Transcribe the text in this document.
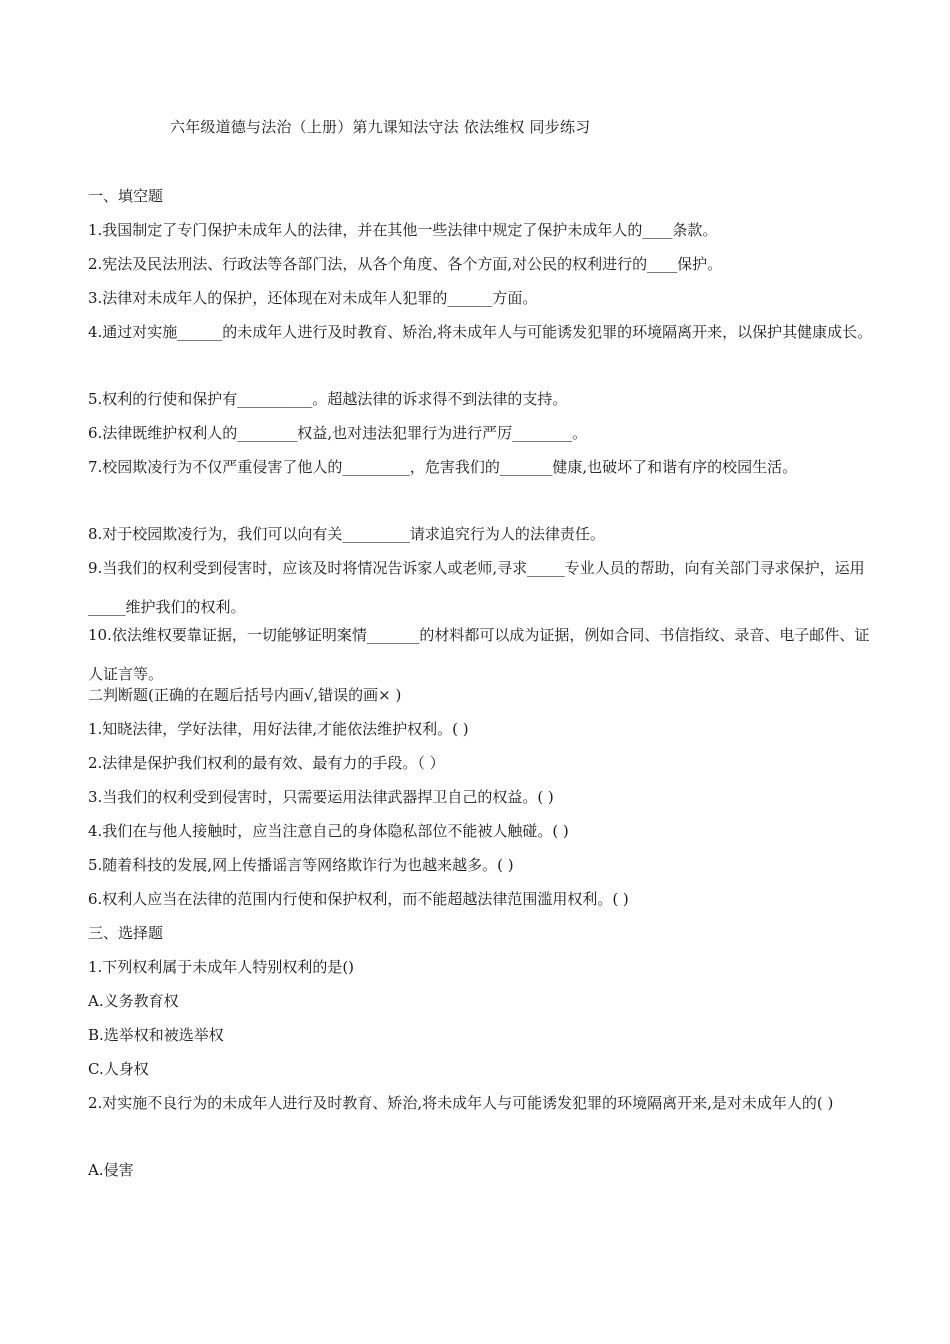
六年级道德与法治（上册）第九课知法守法 依法维权 同步练习
一、填空题
1.我国制定了专门保护未成年人的法律，并在其他一些法律中规定了保护未成年人的____条款。
2.宪法及民法刑法、行政法等各部门法，从各个角度、各个方面,对公民的权利进行的____保护。
3.法律对未成年人的保护，还体现在对未成年人犯罪的______方面。
4.通过对实施______的未成年人进行及时教育、矫治,将未成年人与可能诱发犯罪的环境隔离开来，以保护其健康成长。
5.权利的行使和保护有__________。超越法律的诉求得不到法律的支持。
6.法律既维护权利人的________权益,也对违法犯罪行为进行严厉________。
7.校园欺凌行为不仅严重侵害了他人的_________，危害我们的_______健康,也破坏了和谐有序的校园生活。
8.对于校园欺凌行为，我们可以向有关_________请求追究行为人的法律责任。
9.当我们的权利受到侵害时，应该及时将情况告诉家人或老师,寻求_____专业人员的帮助，向有关部门寻求保护，运用_____维护我们的权利。
10.依法维权要靠证据，一切能够证明案情_______的材料都可以成为证据，例如合同、书信指纹、录音、电子邮件、证人证言等。
二判断题(正确的在题后括号内画√,错误的画× )
1.知晓法律，学好法律，用好法律,才能依法维护权利。( )
2.法律是保护我们权利的最有效、最有力的手段。（ ）
3.当我们的权利受到侵害时，只需要运用法律武器捍卫自己的权益。( )
4.我们在与他人接触时，应当注意自己的身体隐私部位不能被人触碰。( )
5.随着科技的发展,网上传播谣言等网络欺诈行为也越来越多。( )
6.权利人应当在法律的范围内行使和保护权利，而不能超越法律范围滥用权利。( )
三、选择题
1.下列权利属于未成年人特别权利的是()
A.义务教育权
B.选举权和被选举权
C.人身权
2.对实施不良行为的未成年人进行及时教育、矫治,将未成年人与可能诱发犯罪的环境隔离开来,是对未成年人的( )
A.侵害
